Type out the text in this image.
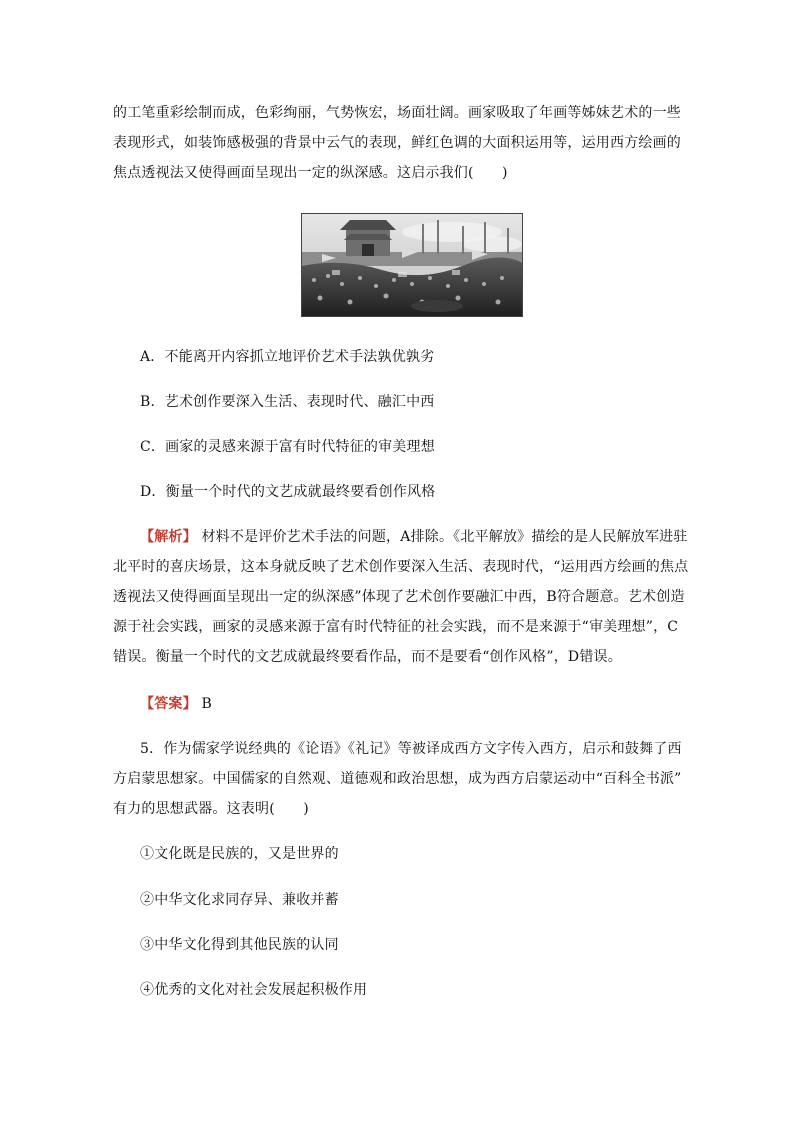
的工笔重彩绘制而成，色彩绚丽，气势恢宏，场面壮阔。画家吸取了年画等姊妹艺术的一些
表现形式，如装饰感极强的背景中云气的表现，鲜红色调的大面积运用等，运用西方绘画的
焦点透视法又使得画面呈现出一定的纵深感。这启示我们(　　)
A．不能离开内容抓立地评价艺术手法孰优孰劣
B．艺术创作要深入生活、表现时代、融汇中西
C．画家的灵感来源于富有时代特征的审美理想
D．衡量一个时代的文艺成就最终要看创作风格
【解析】 材料不是评价艺术手法的问题，A排除。《北平解放》描绘的是人民解放军进驻
北平时的喜庆场景，这本身就反映了艺术创作要深入生活、表现时代，“运用西方绘画的焦点
透视法又使得画面呈现出一定的纵深感”体现了艺术创作要融汇中西，B符合题意。艺术创造
源于社会实践，画家的灵感来源于富有时代特征的社会实践，而不是来源于“审美理想”，C
错误。衡量一个时代的文艺成就最终要看作品，而不是要看“创作风格”，D错误。
【答案】 B
5．作为儒家学说经典的《论语》《礼记》等被译成西方文字传入西方，启示和鼓舞了西
方启蒙思想家。中国儒家的自然观、道德观和政治思想，成为西方启蒙运动中“百科全书派”
有力的思想武器。这表明(　　)
①文化既是民族的，又是世界的
②中华文化求同存异、兼收并蓄
③中华文化得到其他民族的认同
④优秀的文化对社会发展起积极作用
